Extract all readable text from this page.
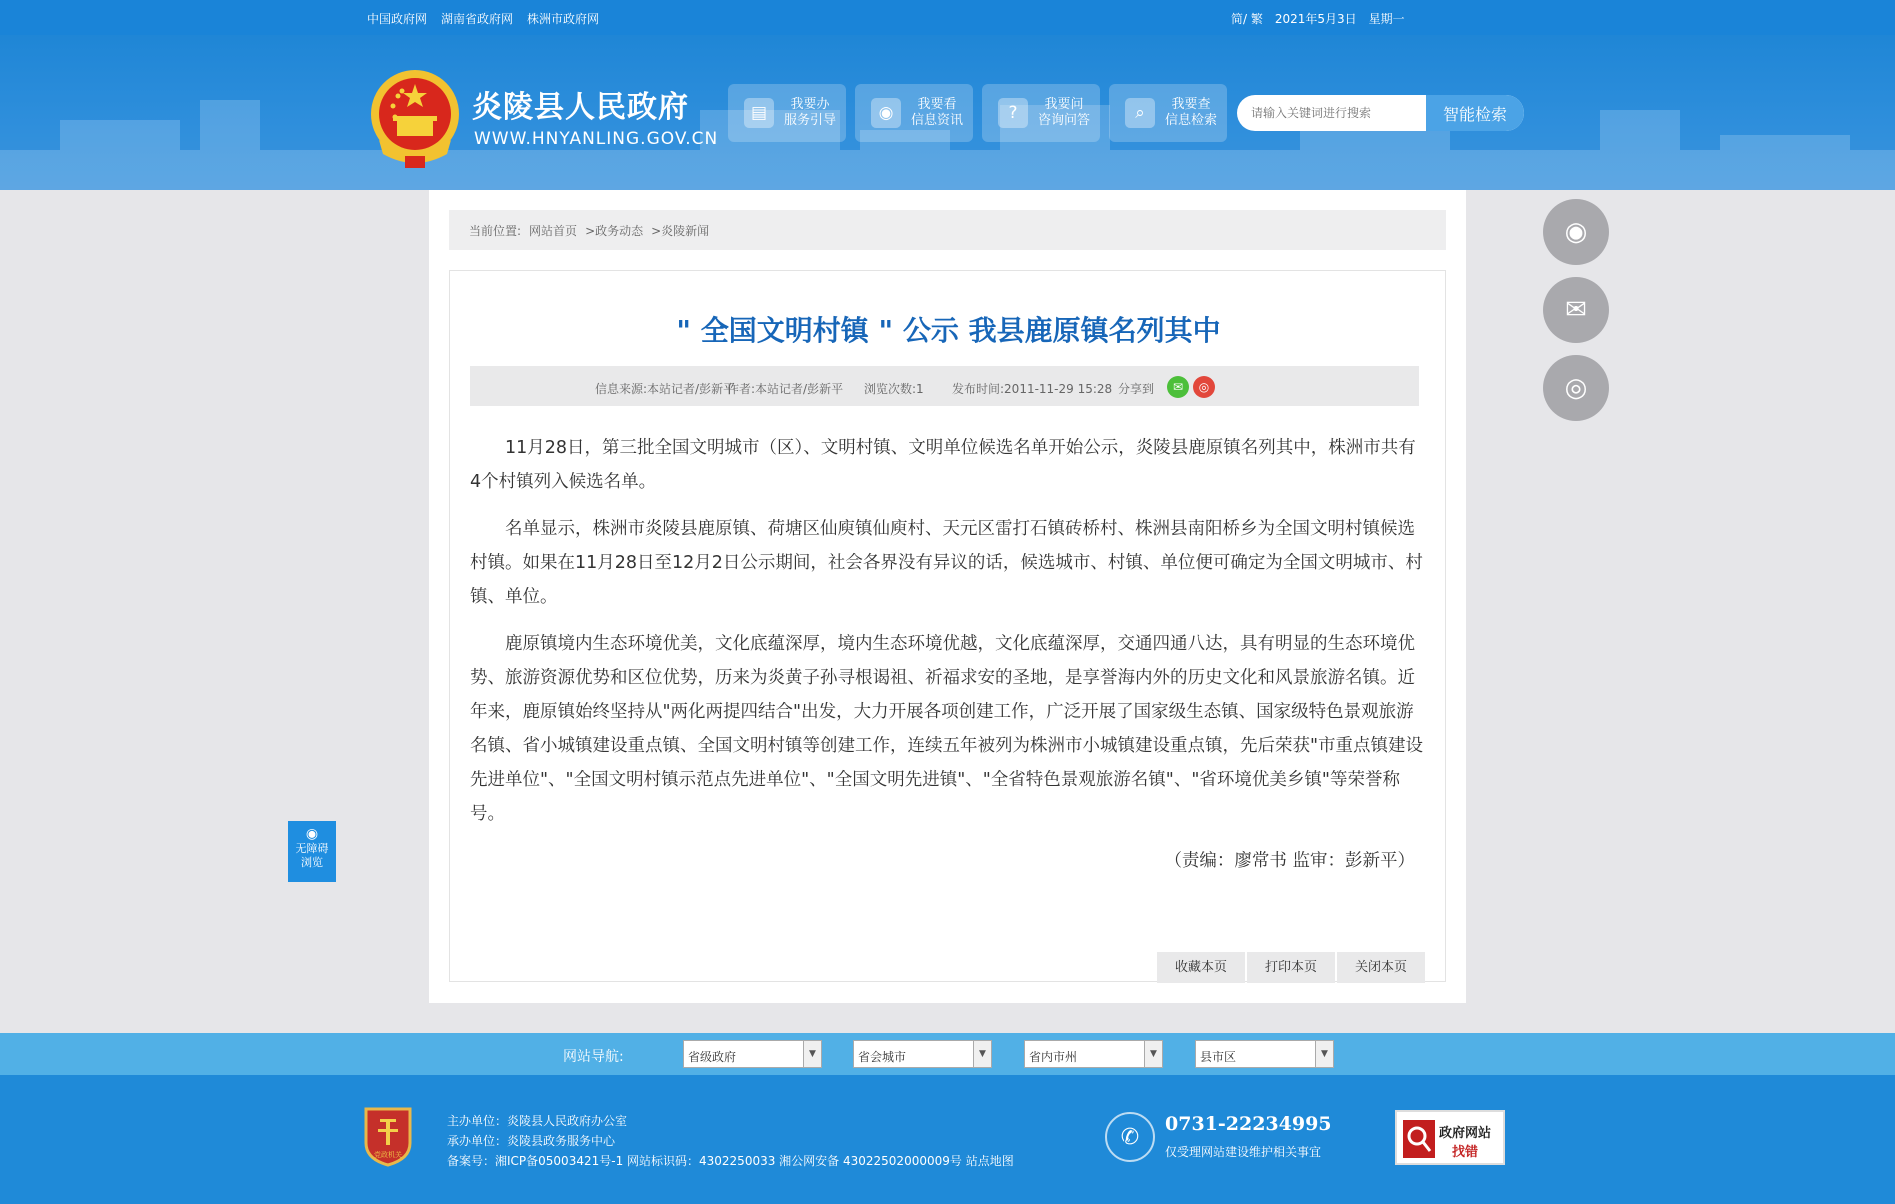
中国政府网 湖南省政府网 株洲市政府网	简/ 繁 2021年5月3日 星期一
炎陵县人民政府
WWW.HNYANLING.GOV.CN
▤	我要办
服务引导	◉	我要看
信息资讯	?	我要问
咨询问答	⌕	我要查
信息检索
请输入关键词进行搜索	智能检索
当前位置: 网站首页 >政务动态 >炎陵新闻
" 全国文明村镇 " 公示 我县鹿原镇名列其中
信息来源:本站记者/彭新平
作者:本站记者/彭新平 浏览次数:1 发布时间:2011-11-29 15:28 分享到	✉	◎

11月28日，第三批全国文明城市（区）、文明村镇、文明单位候选名单开始公示，炎陵县鹿原镇名列其中，株洲市共有4个村镇列入候选名单。

名单显示，株洲市炎陵县鹿原镇、荷塘区仙庾镇仙庾村、天元区雷打石镇砖桥村、株洲县南阳桥乡为全国文明村镇候选村镇。如果在11月28日至12月2日公示期间，社会各界没有异议的话，候选城市、村镇、单位便可确定为全国文明城市、村镇、单位。

鹿原镇境内生态环境优美，文化底蕴深厚，境内生态环境优越，文化底蕴深厚，交通四通八达，具有明显的生态环境优势、旅游资源优势和区位优势，历来为炎黄子孙寻根谒祖、祈福求安的圣地，是享誉海内外的历史文化和风景旅游名镇。近年来，鹿原镇始终坚持从"两化两提四结合"出发，大力开展各项创建工作，广泛开展了国家级生态镇、国家级特色景观旅游名镇、省小城镇建设重点镇、全国文明村镇等创建工作，连续五年被列为株洲市小城镇建设重点镇，先后荣获"市重点镇建设先进单位"、"全国文明村镇示范点先进单位"、"全国文明先进镇"、"全省特色景观旅游名镇"、"省环境优美乡镇"等荣誉称号。

（责编：廖常书 监审：彭新平）

收藏本页	打印本页	关闭本页
◉
✉
◎
◉
无障碍
浏览
网站导航:	省级政府	▼	省会城市	▼	省内市州	▼	县市区	▼
党政机关
主办单位：炎陵县人民政府办公室
承办单位：炎陵县政务服务中心
备案号：湘ICP备05003421号-1 网站标识码：4302250033 湘公网安备 43022502000009号 站点地图
✆
0731-22234995
仅受理网站建设维护相关事宜
政府网站
找错
